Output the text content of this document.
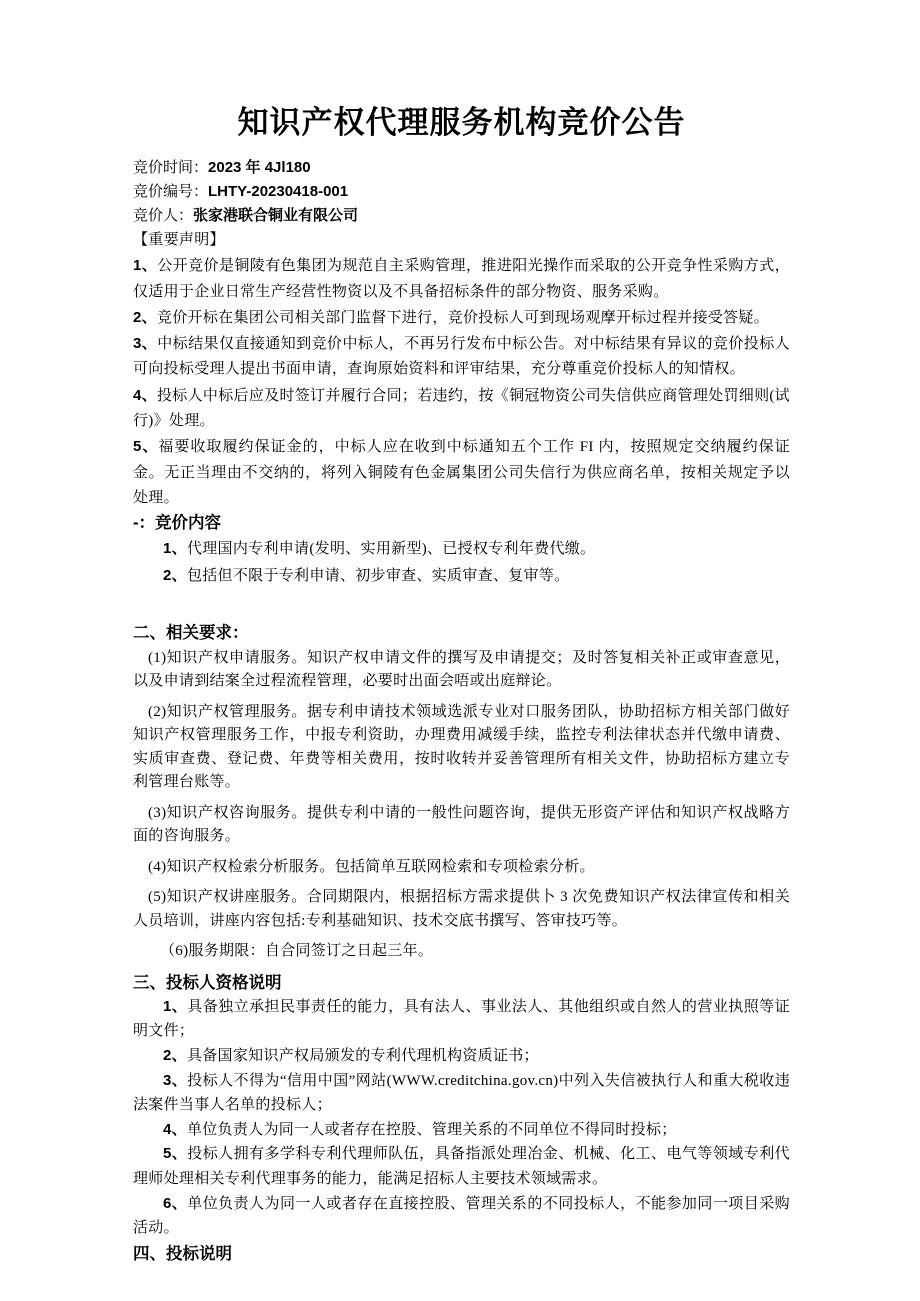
知识产权代理服务机构竞价公告

竞价时间：2023 年 4Jl180

竞价编号：LHTY-20230418-001

竞价人：张家港联合铜业有限公司

【重要声明】

1、公开竞价是铜陵有色集团为规范自主采购管理，推进阳光操作而采取的公开竞争性采购方式，仅适用于企业日常生产经营性物资以及不具备招标条件的部分物资、服务采购。

2、竞价开标在集团公司相关部门监督下进行，竞价投标人可到现场观摩开标过程并接受答疑。

3、中标结果仅直接通知到竞价中标人，不再另行发布中标公告。对中标结果有异议的竞价投标人可向投标受理人提出书面申请，查询原始资料和评审结果，充分尊重竞价投标人的知情权。

4、投标人中标后应及时签订并履行合同；若违约，按《铜冠物资公司失信供应商管理处罚细则(试行)》处理。

5、福要收取履约保证金的，中标人应在收到中标通知五个工作 FI 内，按照规定交纳履约保证金。无正当理由不交纳的，将列入铜陵有色金属集团公司失信行为供应商名单，按相关规定予以处理。

-：竞价内容

1、代理国内专利申请(发明、实用新型)、已授权专利年费代缴。

2、包括但不限于专利申请、初步审查、实质审查、复审等。

二、相关要求：

(1)知识产权申请服务。知识产权申请文件的撰写及申请提交；及时答复相关补正或审查意见，以及申请到结案全过程流程管理，必要时出面会唔或出庭辩论。

(2)知识产权管理服务。据专利申请技术领域选派专业对口服务团队，协助招标方相关部门做好知识产权管理服务工作，中报专利资助，办理费用减缓手续，监控专利法律状态并代缴申请费、实质审查费、登记费、年费等相关费用，按时收转并妥善管理所有相关文件，协助招标方建立专利管理台账等。

(3)知识产权咨询服务。提供专利中请的一般性问题咨询，提供无形资产评估和知识产权战略方面的咨询服务。

(4)知识产权检索分析服务。包括简单互联网检索和专项检索分析。

(5)知识产权讲座服务。合同期限内，根据招标方需求提供卜 3 次免费知识产权法律宣传和相关人员培训，讲座内容包括:专利基础知识、技术交底书撰写、答审技巧等。

（6)服务期限：自合同签订之日起三年。

三、投标人资格说明

1、具备独立承担民事责任的能力，具有法人、事业法人、其他组织或自然人的营业执照等证明文件；

2、具备国家知识产权局颁发的专利代理机构资质证书；

3、投标人不得为“信用中国”网站(WWW.creditchina.gov.cn)中列入失信被执行人和重大税收违法案件当事人名单的投标人；

4、单位负责人为同一人或者存在控股、管理关系的不同单位不得同时投标；

5、投标人拥有多学科专利代理师队伍，具备指派处理冶金、机械、化工、电气等领域专利代理师处理相关专利代理事务的能力，能满足招标人主要技术领域需求。

6、单位负责人为同一人或者存在直接控股、管理关系的不同投标人，不能参加同一项目采购活动。

四、投标说明
